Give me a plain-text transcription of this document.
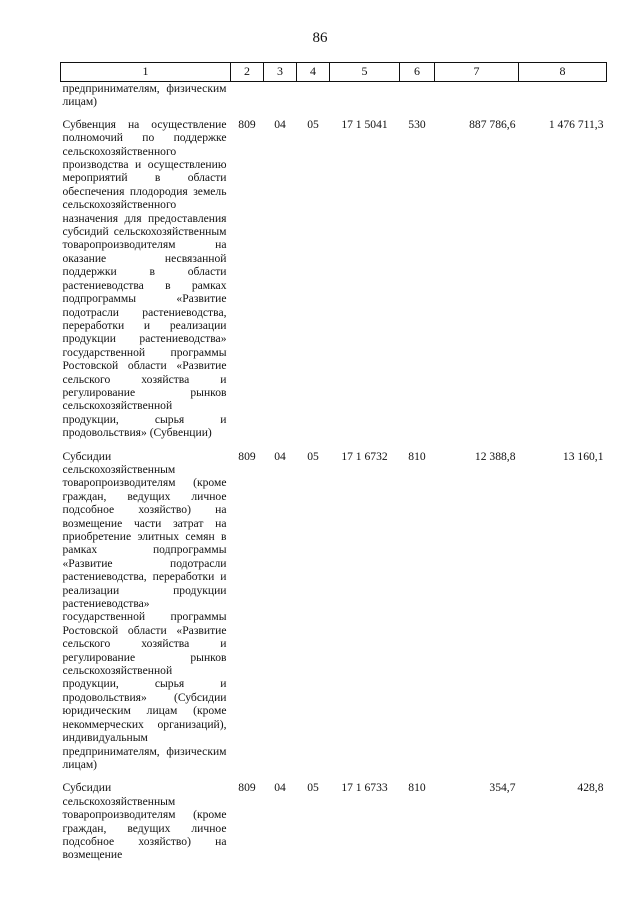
86
1	2	3	4	5	6	7	8
предпринимателям, физическим лицам)							
Субвенция на осуществление полномочий по поддержке сельскохозяйственного производства и осуществлению мероприятий в области обеспечения плодородия земель сельскохозяйственного назначения для предоставления субсидий сельскохозяйственным товаропроизводителям на оказание несвязанной поддержки в области растениеводства в рамках подпрограммы «Развитие подотрасли растениеводства, переработки и реализации продукции растениеводства» государственной программы Ростовской области «Развитие сельского хозяйства и регулирование рынков сельскохозяйственной продукции, сырья и продовольствия» (Субвенции)	809	04	05	17 1 5041	530	887 786,6	1 476 711,3
Субсидии сельскохозяйственным товаропроизводителям (кроме граждан, ведущих личное подсобное хозяйство) на возмещение части затрат на приобретение элитных семян в рамках подпрограммы «Развитие подотрасли растениеводства, переработки и реализации продукции растениеводства» государственной программы Ростовской области «Развитие сельского хозяйства и регулирование рынков сельскохозяйственной продукции, сырья и продовольствия» (Субсидии юридическим лицам (кроме некоммерческих организаций), индивидуальным предпринимателям, физическим лицам)	809	04	05	17 1 6732	810	12 388,8	13 160,1
Субсидии сельскохозяйственным товаропроизводителям (кроме граждан, ведущих личное подсобное хозяйство) на возмещение	809	04	05	17 1 6733	810	354,7	428,8
